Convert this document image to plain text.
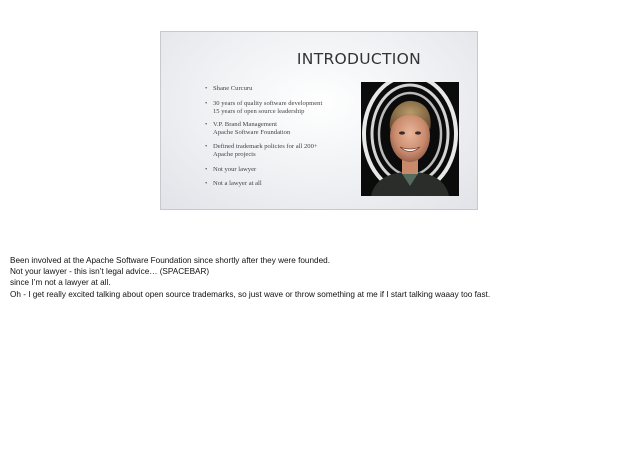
INTRODUCTION
• Shane Curcuru
• 30 years of quality software development
15 years of open source leadership
• V.P. Brand Management
Apache Software Foundation
• Defined trademark policies for all 200+
Apache projects
• Not your lawyer
• Not a lawyer at all
Been involved at the Apache Software Foundation since shortly after they were founded.
Not your lawyer - this isn’t legal advice… (SPACEBAR)
since I’m not a lawyer at all.
Oh - I get really excited talking about open source trademarks, so just wave or throw something at me if I start talking waaay too fast.
